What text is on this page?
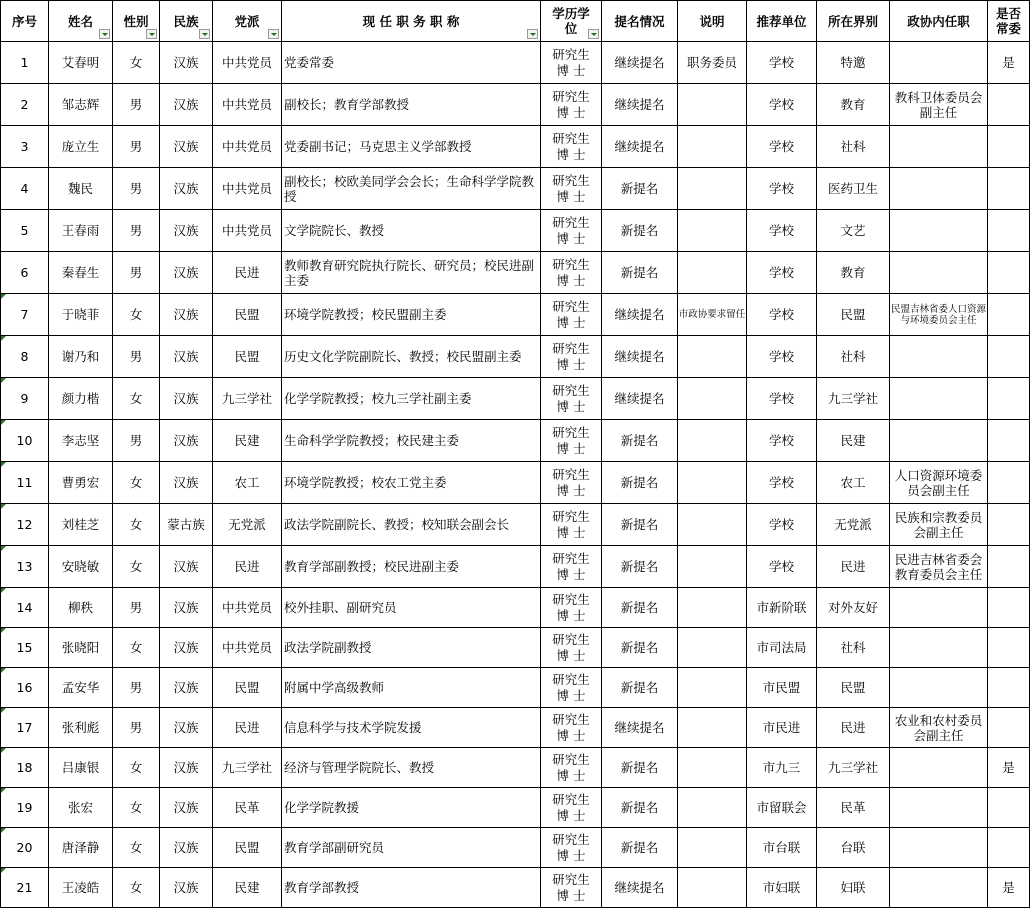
序号	姓名	性别	民族	党派	现 任 职 务 职 称	学历学
位	提名情况	说明	推荐单位	所在界别	政协内任职	是否
常委

1	艾春明	女	汉族	中共党员	党委常委	研究生
博 士	继续提名	职务委员	学校	特邀		是
2	邹志辉	男	汉族	中共党员	副校长；教育学部教授	研究生
博 士	继续提名		学校	教育	教科卫体委员会副主任	
3	庞立生	男	汉族	中共党员	党委副书记；马克思主义学部教授	研究生
博 士	继续提名		学校	社科		
4	魏民	男	汉族	中共党员	副校长；校欧美同学会会长；生命科学学院教授	研究生
博 士	新提名		学校	医药卫生		
5	王春雨	男	汉族	中共党员	文学院院长、教授	研究生
博 士	新提名		学校	文艺		
6	秦春生	男	汉族	民进	教师教育研究院执行院长、研究员；校民进副主委	研究生
博 士	新提名		学校	教育		

7	于晓菲	女	汉族	民盟	环境学院教授；校民盟副主委	研究生
博 士	继续提名	市政协要求留任	学校	民盟	民盟吉林省委人口资源与环境委员会主任	

8	谢乃和	男	汉族	民盟	历史文化学院副院长、教授；校民盟副主委	研究生
博 士	继续提名		学校	社科		

9	颜力楷	女	汉族	九三学社	化学学院教授；校九三学社副主委	研究生
博 士	继续提名		学校	九三学社		

10	李志坚	男	汉族	民建	生命科学学院教授；校民建主委	研究生
博 士	新提名		学校	民建		

11	曹勇宏	女	汉族	农工	环境学院教授；校农工党主委	研究生
博 士	新提名		学校	农工	人口资源环境委员会副主任	

12	刘桂芝	女	蒙古族	无党派	政法学院副院长、教授；校知联会副会长	研究生
博 士	新提名		学校	无党派	民族和宗教委员会副主任	

13	安晓敏	女	汉族	民进	教育学部副教授；校民进副主委	研究生
博 士	新提名		学校	民进	民进吉林省委会教育委员会主任	

14	柳秩	男	汉族	中共党员	校外挂职、副研究员	研究生
博 士	新提名		市新阶联	对外友好		

15	张晓阳	女	汉族	中共党员	政法学院副教授	研究生
博 士	新提名		市司法局	社科		

16	孟安华	男	汉族	民盟	附属中学高级教师	研究生
博 士	新提名		市民盟	民盟		

17	张利彪	男	汉族	民进	信息科学与技术学院发援	研究生
博 士	继续提名		市民进	民进	农业和农村委员会副主任	

18	吕康银	女	汉族	九三学社	经济与管理学院院长、教授	研究生
博 士	新提名		市九三	九三学社		是

19	张宏	女	汉族	民革	化学学院教援	研究生
博 士	新提名		市留联会	民革		

20	唐泽静	女	汉族	民盟	教育学部副研究员	研究生
博 士	新提名		市台联	台联		

21	王凌皓	女	汉族	民建	教育学部教授	研究生
博 士	继续提名		市妇联	妇联		是
